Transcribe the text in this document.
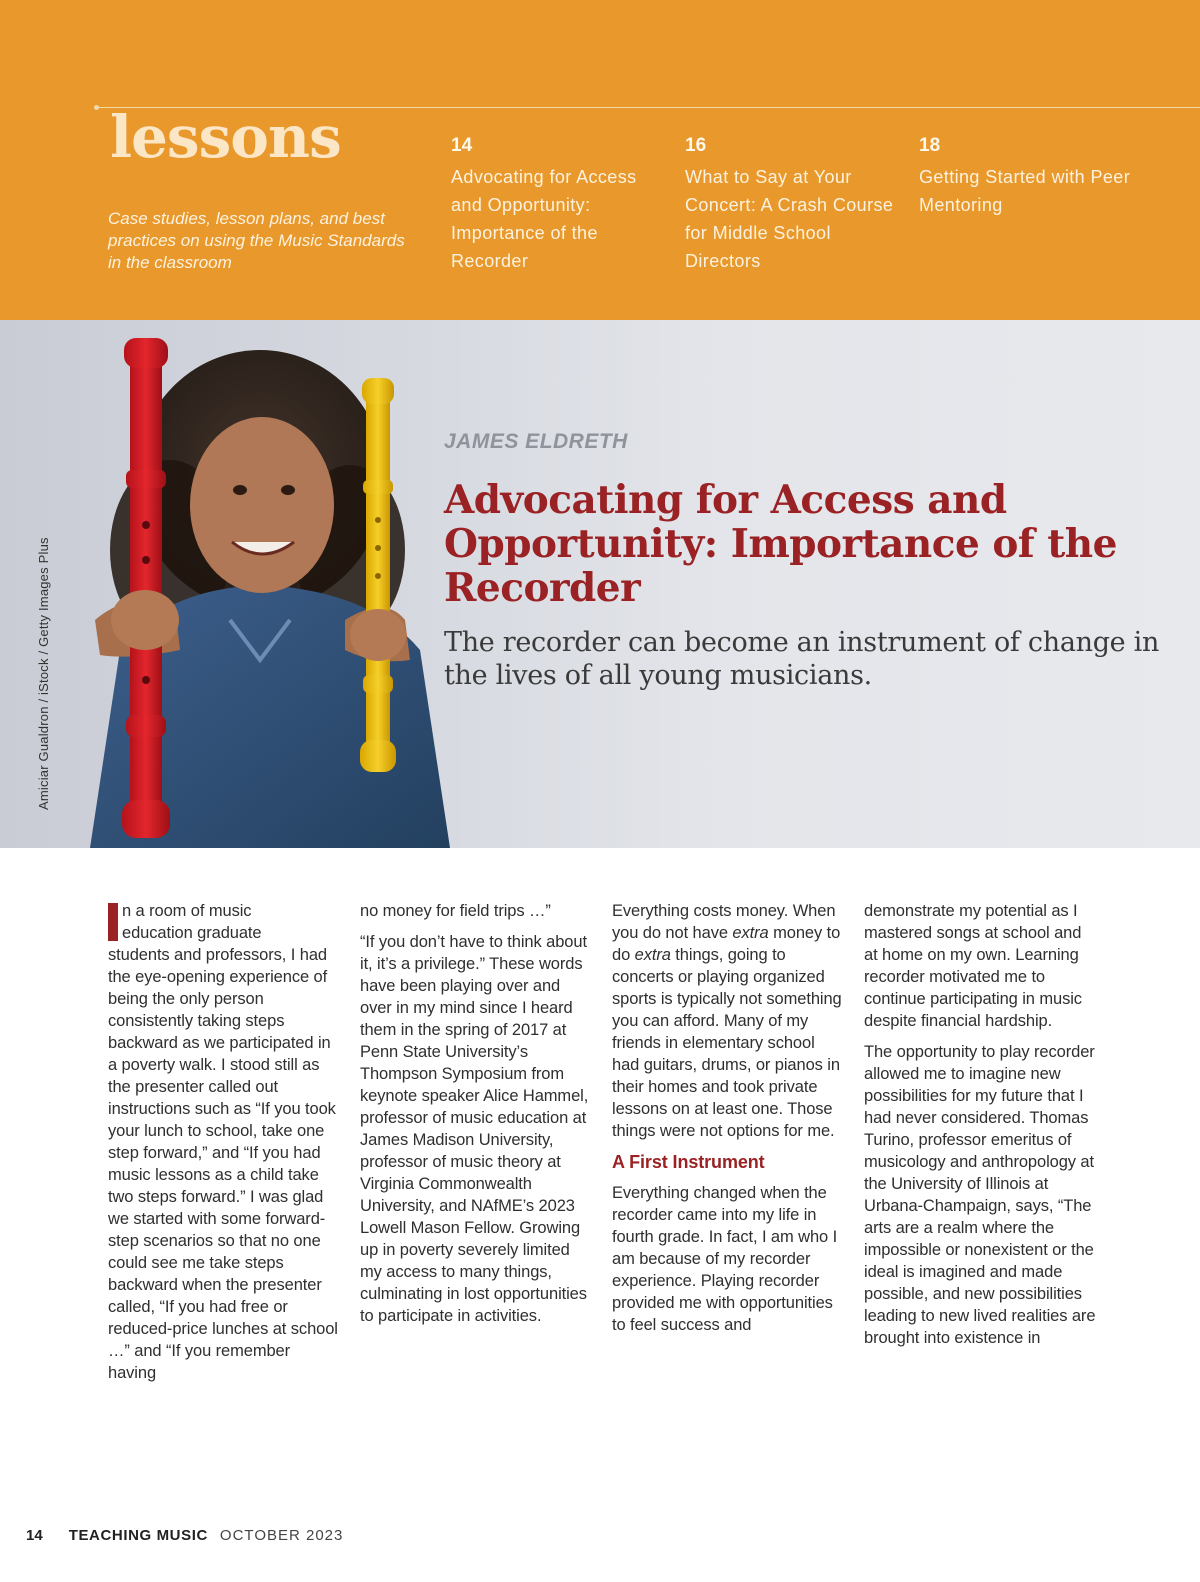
lessons
Case studies, lesson plans, and best practices on using the Music Standards in the classroom
14
Advocating for Access and Opportunity: Importance of the Recorder
16
What to Say at Your Concert: A Crash Course for Middle School Directors
18
Getting Started with Peer Mentoring
Amiciar Gualdron / iStock / Getty Images Plus
JAMES ELDRETH
Advocating for Access and Opportunity: Importance of the Recorder
The recorder can become an instrument of change in the lives of all young musicians.

n a room of music
education graduate
students and professors, I had the eye-opening experience of being the only person consistently taking steps backward as we participated in a poverty walk. I stood still as the presenter called out instructions such as “If you took your lunch to school, take one step forward,” and “If you had music lessons as a child take two steps forward.” I was glad we started with some forward-step scenarios so that no one could see me take steps backward when the presenter called, “If you had free or reduced-price lunches at school …” and “If you remember having

no money for field trips …”

“If you don’t have to think about it, it’s a privilege.” These words have been playing over and over in my mind since I heard them in the spring of 2017 at Penn State University’s Thompson Symposium from keynote speaker Alice Hammel, professor of music education at James Madison University, professor of music theory at Virginia Commonwealth University, and NAfME’s 2023 Lowell Mason Fellow. Growing up in poverty severely limited my access to many things, culminating in lost opportunities to participate in activities.

Everything costs money. When you do not have extra money to do extra things, going to concerts or playing organized sports is typically not something you can afford. Many of my friends in elementary school had guitars, drums, or pianos in their homes and took private lessons on at least one. Those things were not options for me.

A First Instrument

Everything changed when the recorder came into my life in fourth grade. In fact, I am who I am because of my recorder experience. Playing recorder provided me with opportunities to feel success and

demonstrate my potential as I mastered songs at school and at home on my own. Learning recorder motivated me to continue participating in music despite financial hardship.

The opportunity to play recorder allowed me to imagine new possibilities for my future that I had never considered. Thomas Turino, professor emeritus of musicology and anthropology at the University of Illinois at Urbana-Champaign, says, “The arts are a realm where the impossible or nonexistent or the ideal is imagined and made possible, and new possibilities leading to new lived realities are brought into existence in

14 TEACHING MUSIC OCTOBER 2023
